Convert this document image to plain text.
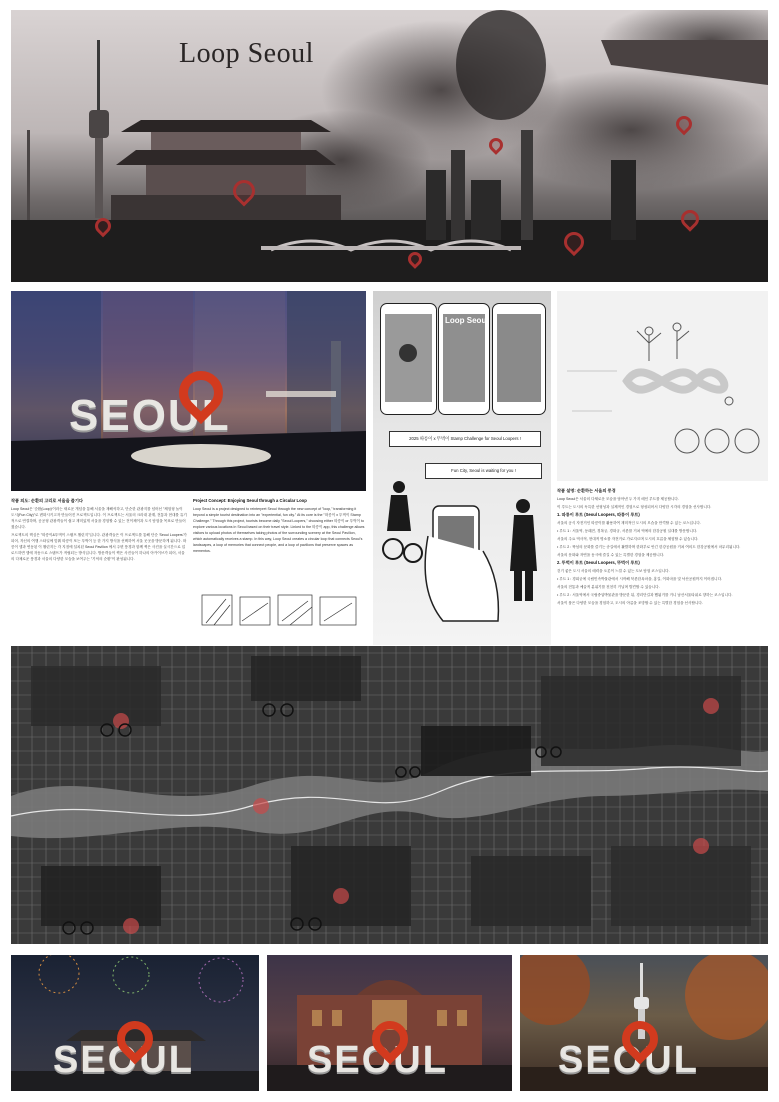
Loop Seoul
SEOUL
Loop Seoul
2025 따릉이 x 뚜벅이 Stamp Challenge for Seoul Loopers !
Fun City, Seoul is waiting for you !

작품 의도: 순환의 고리로 서울을 즐기다

Loop Seoul은 '순환(Loop)'이라는 새로운 개념을 통해 서울을 재해석하고, 단순한 관광지를 넘어선 "체험형 놀이 도시(Fun City)"로 변화시키고자 만들어진 프로젝트입니다. 이 프로젝트는 서울의 크라대 관계, 전통과 현대를 유기적으로 연결하며, 공공형 관광객들이 쉽고 재미있게 서울을 경험할 수 있는 전이채이과 도시 탐험을 목표로 만들어졌습니다.

프로젝트의 핵심은 "따릉이&뚜벅이 스탬프 챌린지"입니다. 관광객들은 이 프로젝트를 통해 단순 'Seoul Loopers'가 되어, 자신의 여행 스타일에 맞춰 따릉이 또는 뚜벅이 등 한 가지 방식을 선택하여 서울 곳곳을 방문하게 됩니다. 따릉이 앱과 연동된 이 챌린지는 각 지점에 설치된 Seoul Pavilion 에서 주변 풍경과 함께 찍은 사진을 실시간으로 업로드하면 앱에 자동으로 스탬프가 적립되는 방식입니다. 방문객들이 찍은 사진들이 하나의 아카이브가 되어, 서울의 다채로운 풍경과 서울의 다양한 모습을 보여주는 "기억의 순환"이 완성됩니다.

Project Concept: Enjoying Seoul through a Circular Loop

Loop Seoul is a project designed to reinterpret Seoul through the new concept of "loop," transforming it beyond a simple tourist destination into an "experiential, fun city." At its core is the "따릉이 x 뚜벅이 Stamp Challenge." Through this project, tourists become daily "Seoul Loopers," choosing either 따릉이 or 뚜벅이 to explore various locations in Seoul based on their travel style. Linked to the 따릉이 app, this challenge allows visitors to upload photos of themselves taking photos of the surrounding scenery at the Seoul Pavilion, which automatically receives a stamp. In this way, Loop Seoul creates a circular loop that connects Seoul's landscapes, a loop of memories that connect people, and a loop of pavilions that preserve spaces as mementos.

작품 설명: 순환하는 서울의 풍경

Loop Seoul은 서울의 다채로운 모습을 담아낸 두 가지 메인 루트를 제공합니다.

이 루트는 도시의 독특한 선형성과 실제적인 경험으로 형성되어서 다양한 시각의 경험을 선사합니다.

1. 따릉이 루트 (Seoul Loopers, 따릉이 루트)

서울의 공식 자전거인 따릉이를 활용하여 재미적인 도시의 모습을 만끽할 수 있는 코스입니다.

• 루트 1 : 서울역, 동래전, 경복궁, 경화궁, 서촌를 거쳐 역에의 한강공원 일대를 방문합니다.

서울의 주요 역사적, 현대적 명소를 자전거로 가로지르며 도시의 흐름을 체험할 수 있습니다.

• 루트 2 : 뚝섬의 문화를 즐기는 송길에서 활발하며 한화부로 안긴 한강공원을 거쳐 여의도 한강공원에서 마무리됩니다.

서울의 문화와 자연을 동시에 즐길 수 있는 특별한 경험을 제공합니다.

2. 뚜벅이 루트 (Seoul Loopers, 뚜벅이 루트)

걷기 좋은 도시 서울의 매력을 오롯이 느낄 수 있는 도보 탐험 코스입니다.

• 루트 1 : 경희궁에 국립민속박물관에서 시작해 북촌한옥마을, 홍길, 이화마을 및 낙산공원까지 이어집니다.

서울의 전통과 예술적 분위기를 천천히 거닐며 발견할 수 있습니다.

• 루트 2 : 서울역에서 국립중앙박물관을 방문한 뒤, 경리단길과 했됨거를 거니 남산서울타워로 향하는 코스입니다.

서울이 품은 다양한 모습을 경험하고, 도시의 아름을 조망할 수 있는 특별한 경험을 선사합니다.

SEOUL	SEOUL	SEOUL
